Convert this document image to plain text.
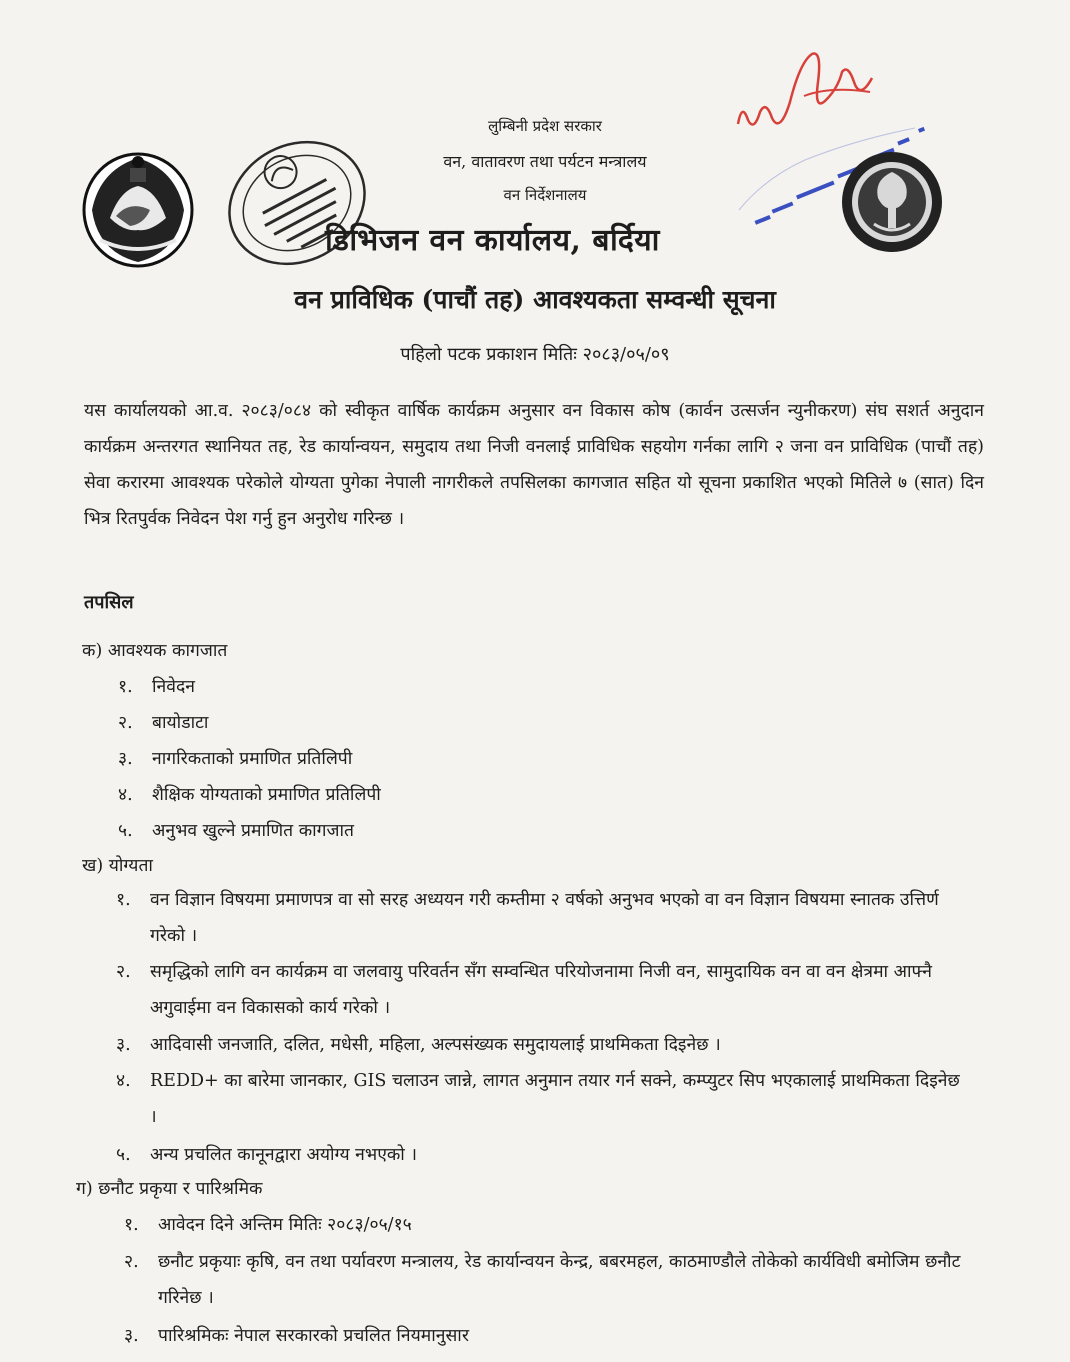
लुम्बिनी प्रदेश सरकार
वन, वातावरण तथा पर्यटन मन्त्रालय
वन निर्देशनालय
डिभिजन वन कार्यालय, बर्दिया
वन प्राविधिक (पाचौं तह) आवश्यकता सम्वन्धी सूचना
पहिलो पटक प्रकाशन मितिः २०८३/०५/०९
यस कार्यालयको आ.व. २०८३/०८४ को स्वीकृत वार्षिक कार्यक्रम अनुसार वन विकास कोष (कार्वन उत्सर्जन न्युनीकरण) संघ सशर्त अनुदान कार्यक्रम अन्तरगत स्थानियत तह, रेड कार्यान्वयन, समुदाय तथा निजी वनलाई प्राविधिक सहयोग गर्नका लागि २ जना वन प्राविधिक (पाचौं तह) सेवा करारमा आवश्यक परेकोले योग्यता पुगेका नेपाली नागरीकले तपसिलका कागजात सहित यो सूचना प्रकाशित भएको मितिले ७ (सात) दिन भित्र रितपुर्वक निवेदन पेश गर्नु हुन अनुरोध गरिन्छ ।
तपसिल
क) आवश्यक कागजात
१. निवेदन
२. बायोडाटा
३. नागरिकताको प्रमाणित प्रतिलिपी
४. शैक्षिक योग्यताको प्रमाणित प्रतिलिपी
५. अनुभव खुल्ने प्रमाणित कागजात
ख) योग्यता
१. वन विज्ञान विषयमा प्रमाणपत्र वा सो सरह अध्ययन गरी कम्तीमा २ वर्षको अनुभव भएको वा वन विज्ञान विषयमा स्नातक उत्तिर्ण गरेको ।
२. समृद्धिको लागि वन कार्यक्रम वा जलवायु परिवर्तन सँग सम्वन्धित परियोजनामा निजी वन, सामुदायिक वन वा वन क्षेत्रमा आफ्नै अगुवाईमा वन विकासको कार्य गरेको ।
३. आदिवासी जनजाति, दलित, मधेसी, महिला, अल्पसंख्यक समुदायलाई प्राथमिकता दिइनेछ ।
४. REDD+ का बारेमा जानकार, GIS चलाउन जान्ने, लागत अनुमान तयार गर्न सक्ने, कम्प्युटर सिप भएकालाई प्राथमिकता दिइनेछ ।
५. अन्य प्रचलित कानूनद्वारा अयोग्य नभएको ।
ग) छनौट प्रकृया र पारिश्रमिक
१. आवेदन दिने अन्तिम मितिः २०८३/०५/१५
२. छनौट प्रकृयाः कृषि, वन तथा पर्यावरण मन्त्रालय, रेड कार्यान्वयन केन्द्र, बबरमहल, काठमाण्डौले तोकेको कार्यविधी बमोजिम छनौट गरिनेछ ।
३. पारिश्रमिकः नेपाल सरकारको प्रचलित नियमानुसार
